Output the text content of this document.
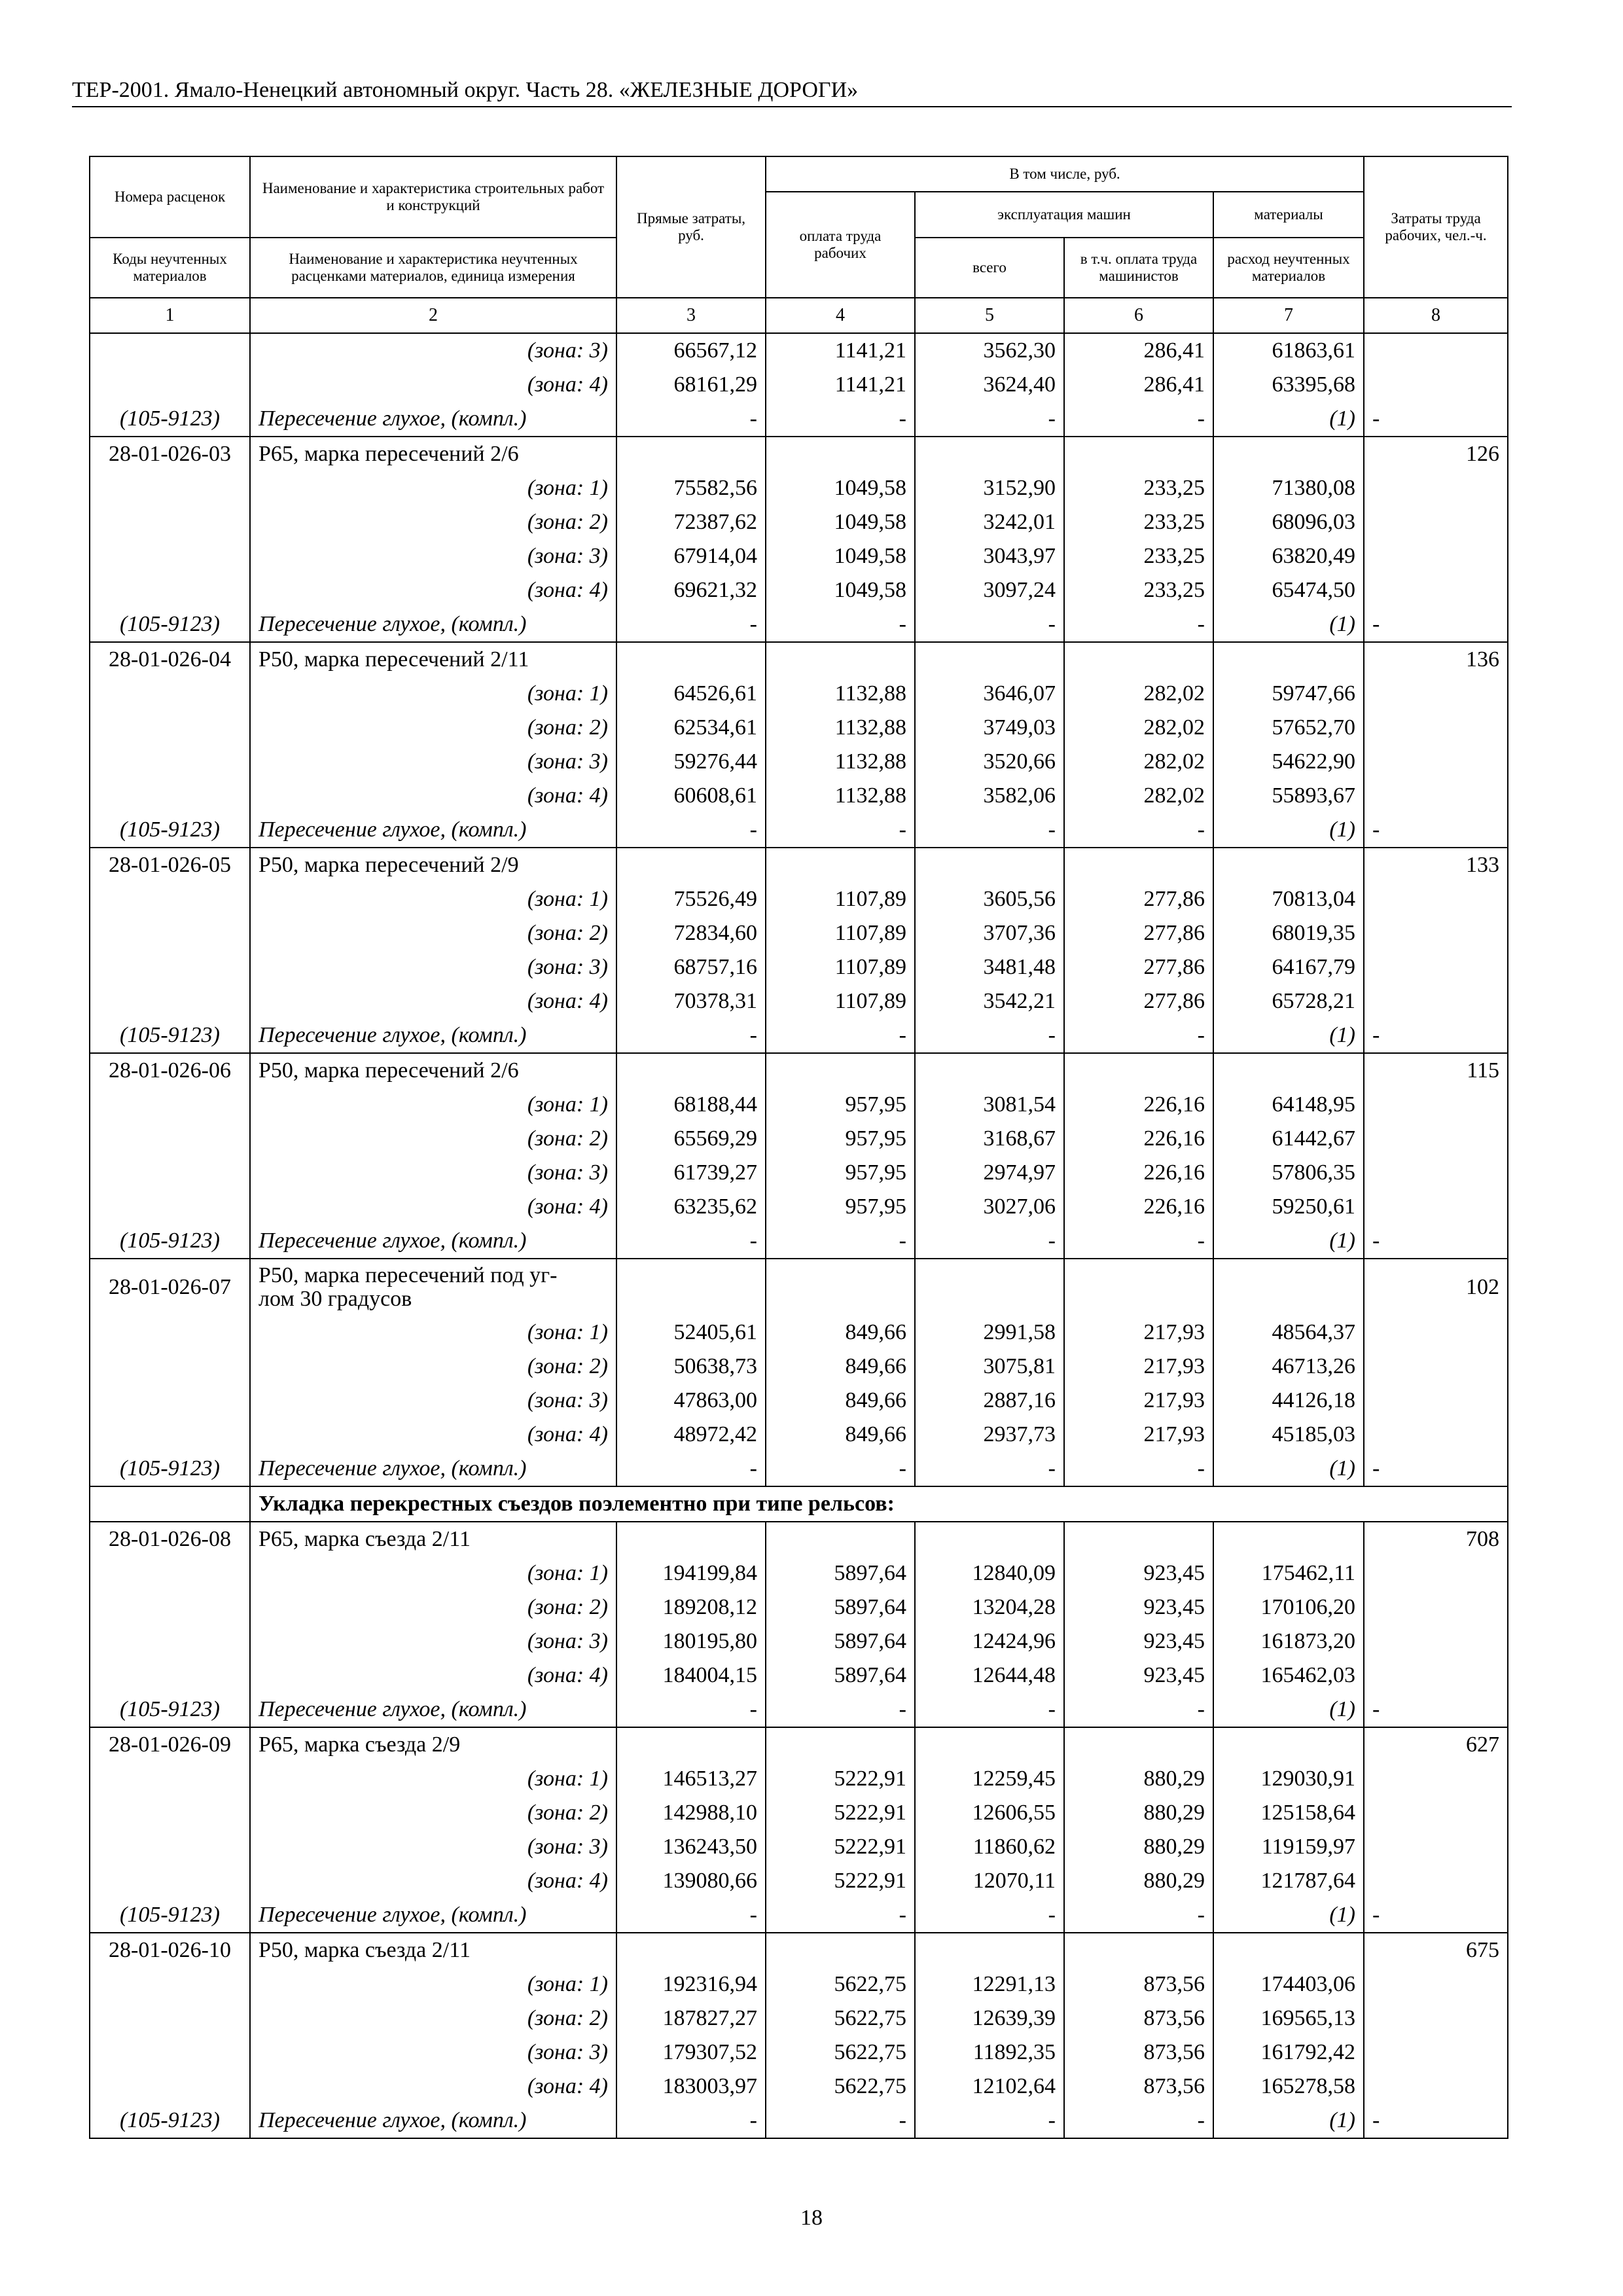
ТЕР-2001. Ямало-Ненецкий автономный округ. Часть 28. «ЖЕЛЕЗНЫЕ ДОРОГИ»
Номера расценок	Наименование и характеристика строительных работ и конструкций	Прямые затраты, руб.	В том числе, руб.				Затраты труда рабочих, чел.-ч.
			оплата труда рабочих	эксплуатация машин		материалы	
Коды неучтенных материалов	Наименование и характеристика неучтенных расценками материалов, единица измерения			всего	в т.ч. оплата труда машинистов	расход неучтенных материалов	
1	2	3	4	5	6	7	8
	(зона: 3)	66567,12	1141,21	3562,30	286,41	61863,61	
	(зона: 4)	68161,29	1141,21	3624,40	286,41	63395,68	
(105-9123)	Пересечение глухое, (компл.)	-	-	-	-	(1)	-
28-01-026-03	Р65, марка пересечений 2/6						126
	(зона: 1)	75582,56	1049,58	3152,90	233,25	71380,08	
	(зона: 2)	72387,62	1049,58	3242,01	233,25	68096,03	
	(зона: 3)	67914,04	1049,58	3043,97	233,25	63820,49	
	(зона: 4)	69621,32	1049,58	3097,24	233,25	65474,50	
(105-9123)	Пересечение глухое, (компл.)	-	-	-	-	(1)	-
28-01-026-04	Р50, марка пересечений 2/11						136
	(зона: 1)	64526,61	1132,88	3646,07	282,02	59747,66	
	(зона: 2)	62534,61	1132,88	3749,03	282,02	57652,70	
	(зона: 3)	59276,44	1132,88	3520,66	282,02	54622,90	
	(зона: 4)	60608,61	1132,88	3582,06	282,02	55893,67	
(105-9123)	Пересечение глухое, (компл.)	-	-	-	-	(1)	-
28-01-026-05	Р50, марка пересечений 2/9						133
	(зона: 1)	75526,49	1107,89	3605,56	277,86	70813,04	
	(зона: 2)	72834,60	1107,89	3707,36	277,86	68019,35	
	(зона: 3)	68757,16	1107,89	3481,48	277,86	64167,79	
	(зона: 4)	70378,31	1107,89	3542,21	277,86	65728,21	
(105-9123)	Пересечение глухое, (компл.)	-	-	-	-	(1)	-
28-01-026-06	Р50, марка пересечений 2/6						115
	(зона: 1)	68188,44	957,95	3081,54	226,16	64148,95	
	(зона: 2)	65569,29	957,95	3168,67	226,16	61442,67	
	(зона: 3)	61739,27	957,95	2974,97	226,16	57806,35	
	(зона: 4)	63235,62	957,95	3027,06	226,16	59250,61	
(105-9123)	Пересечение глухое, (компл.)	-	-	-	-	(1)	-
28-01-026-07	Р50, марка пересечений под уг-
лом 30 градусов						102
	(зона: 1)	52405,61	849,66	2991,58	217,93	48564,37	
	(зона: 2)	50638,73	849,66	3075,81	217,93	46713,26	
	(зона: 3)	47863,00	849,66	2887,16	217,93	44126,18	
	(зона: 4)	48972,42	849,66	2937,73	217,93	45185,03	
(105-9123)	Пересечение глухое, (компл.)	-	-	-	-	(1)	-
	Укладка перекрестных съездов поэлементно при типе рельсов:						
28-01-026-08	Р65, марка съезда 2/11						708
	(зона: 1)	194199,84	5897,64	12840,09	923,45	175462,11	
	(зона: 2)	189208,12	5897,64	13204,28	923,45	170106,20	
	(зона: 3)	180195,80	5897,64	12424,96	923,45	161873,20	
	(зона: 4)	184004,15	5897,64	12644,48	923,45	165462,03	
(105-9123)	Пересечение глухое, (компл.)	-	-	-	-	(1)	-
28-01-026-09	Р65, марка съезда 2/9						627
	(зона: 1)	146513,27	5222,91	12259,45	880,29	129030,91	
	(зона: 2)	142988,10	5222,91	12606,55	880,29	125158,64	
	(зона: 3)	136243,50	5222,91	11860,62	880,29	119159,97	
	(зона: 4)	139080,66	5222,91	12070,11	880,29	121787,64	
(105-9123)	Пересечение глухое, (компл.)	-	-	-	-	(1)	-
28-01-026-10	Р50, марка съезда 2/11						675
	(зона: 1)	192316,94	5622,75	12291,13	873,56	174403,06	
	(зона: 2)	187827,27	5622,75	12639,39	873,56	169565,13	
	(зона: 3)	179307,52	5622,75	11892,35	873,56	161792,42	
	(зона: 4)	183003,97	5622,75	12102,64	873,56	165278,58	
(105-9123)	Пересечение глухое, (компл.)	-	-	-	-	(1)	-
18
